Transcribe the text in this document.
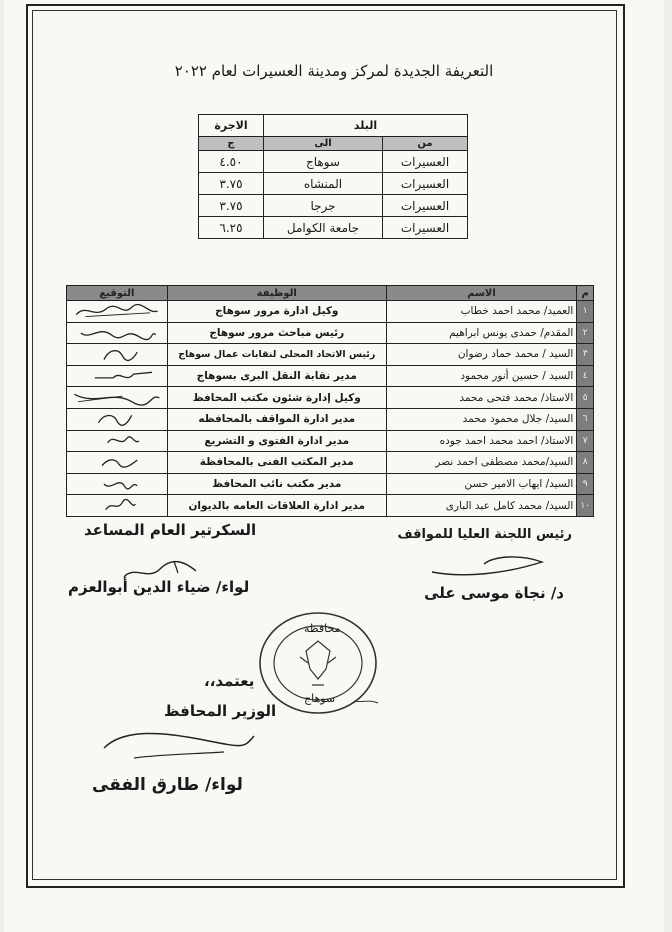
التعريفة الجديدة لمركز ومدينة العسيرات لعام ٢٠٢٢
البلد		الاجرة
من	الى	ج
العسيرات	سوهاج	٤.٥٠
العسيرات	المنشاه	٣.٧٥
العسيرات	جرجا	٣.٧٥
العسيرات	جامعة الكوامل	٦.٢٥
م	الاسم	الوظيفة	التوقيع
١	العميد/ محمد احمد خطاب	وكيل ادارة مرور سوهاج	

٢	المقدم/ حمدى يونس ابراهيم	رئيس مباحث مرور سوهاج	

٣	السيد / محمد حماد رضوان	رئيس الاتحاد المحلى لنقابات عمال سوهاج	

٤	السيد / حسين أنور محمود	مدير نقابة النقل البرى بسوهاج	

٥	الاستاذ/ محمد فتحى محمد	وكيل إدارة شئون مكتب المحافظ	

٦	السيد/ جلال محمود محمد	مدير ادارة المواقف بالمحافظه	

٧	الاستاذ/ احمد محمد احمد جوده	مدير ادارة الفتوى و التشريع	

٨	السيد/محمد مصطفى احمد نصر	مدير المكتب الفنى بالمحافظة	

٩	السيد/ ايهاب الامير حسن	مدير مكتب نائب المحافظ	

١٠	السيد/ محمد كامل عبد البارى	مدير ادارة العلاقات العامه بالديوان	
رئيس اللجنة العليا للمواقف
د/ نجاة موسى على
السكرتير العام المساعد
لواء/ ضياء الدين أبوالعزم
يعتمد،،
الوزير المحافظ
لواء/ طارق الفقى
محافظة
سوهاج
